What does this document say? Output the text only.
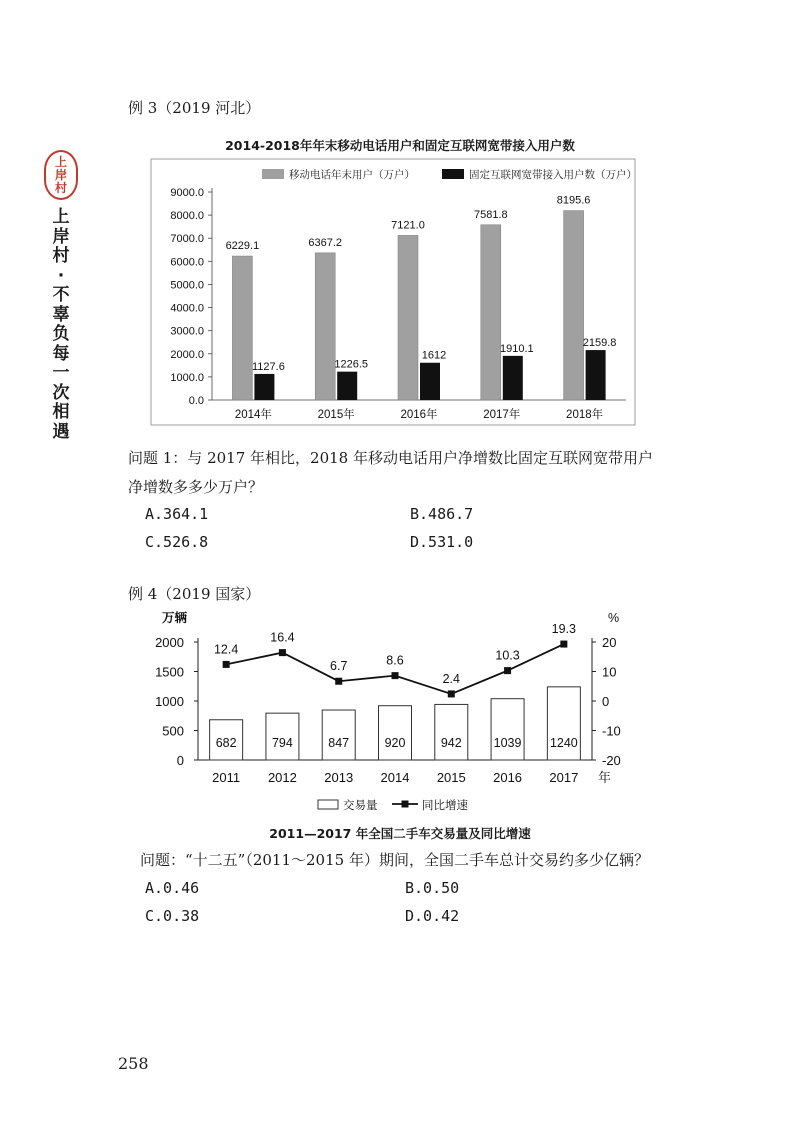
上
岸
村
上
岸
村
·
不
辜
负
每
一
次
相
遇
例 3（2019 河北）
2014-2018年年末移动电话用户和固定互联网宽带接入用户数
移动电话年末用户（万户）	固定互联网宽带接入用户数（万户）
0.0
1000.0
2000.0
3000.0
4000.0
5000.0
6000.0
7000.0
8000.0
9000.0
6229.1
1127.6
2014年
6367.2
1226.5
2015年
7121.0
1612
2016年
7581.8
1910.1
2017年
8195.6
2159.8
2018年
问题 1：与 2017 年相比，2018 年移动电话用户净增数比固定互联网宽带用户
净增数多多少万户？
A.364.1	B.486.7
C.526.8	D.531.0
例 4（2019 国家）
万辆	%
0
500
1000
1500
2000
-20
-10
0
10
20
682
2011
794
2012
847
2013
920
2014
942
2015
1039
2016
1240
2017 年
12.4
16.4
6.7	8.6
2.4
10.3
19.3
交易量	同比增速
2011—2017 年全国二手车交易量及同比增速
问题：“十二五”（2011～2015 年）期间，全国二手车总计交易约多少亿辆？
A.0.46	B.0.50
C.0.38	D.0.42
258
